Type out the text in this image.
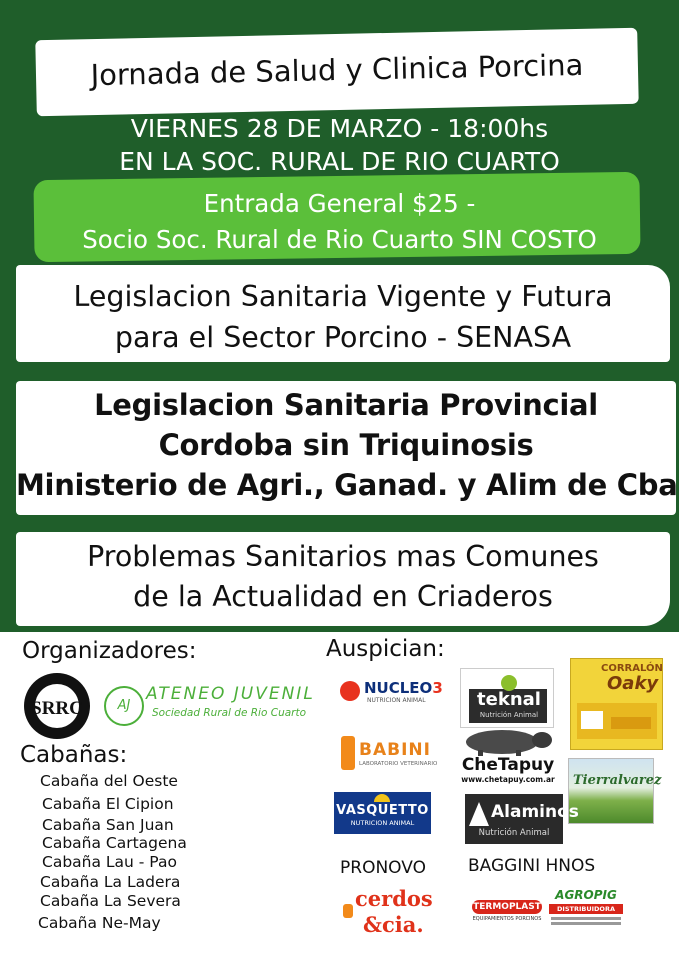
Jornada de Salud y Clinica Porcina
VIERNES 28 DE MARZO - 18:00hs
EN LA SOC. RURAL DE RIO CUARTO
Entrada General $25 -
Socio Soc. Rural de Rio Cuarto SIN COSTO
Legislacion Sanitaria Vigente y Futura
para el Sector Porcino - SENASA
Legislacion Sanitaria Provincial
Cordoba sin Triquinosis
Ministerio de Agri., Ganad. y Alim de Cba
Problemas Sanitarios mas Comunes
de la Actualidad en Criaderos
Organizadores:	Auspician:
SRRC	AJ
ATENEO JUVENIL
Sociedad Rural de Rio Cuarto
Cabañas:
Cabaña del Oeste
Cabaña El Cipion
Cabaña San Juan
Cabaña Cartagena
Cabaña Lau - Pao
Cabaña La Ladera
Cabaña La Severa
Cabaña Ne-May
NUCLEO3
NUTRICION ANIMAL	teknal
Nutrición Animal
CORRALÓN
Oaky
BABINI
LABORATORIO VETERINARIO CheTapuy
www.chetapuy.com.ar Tierralvarez
VASQUETTO
NUTRICION ANIMAL
Alaminos
Nutrición Animal
PRONOVO BAGGINI HNOS
cerdos
&cia.
TERMOPLAST
EQUIPAMIENTOS PORCINOS
AGROPIG
DISTRIBUIDORA
